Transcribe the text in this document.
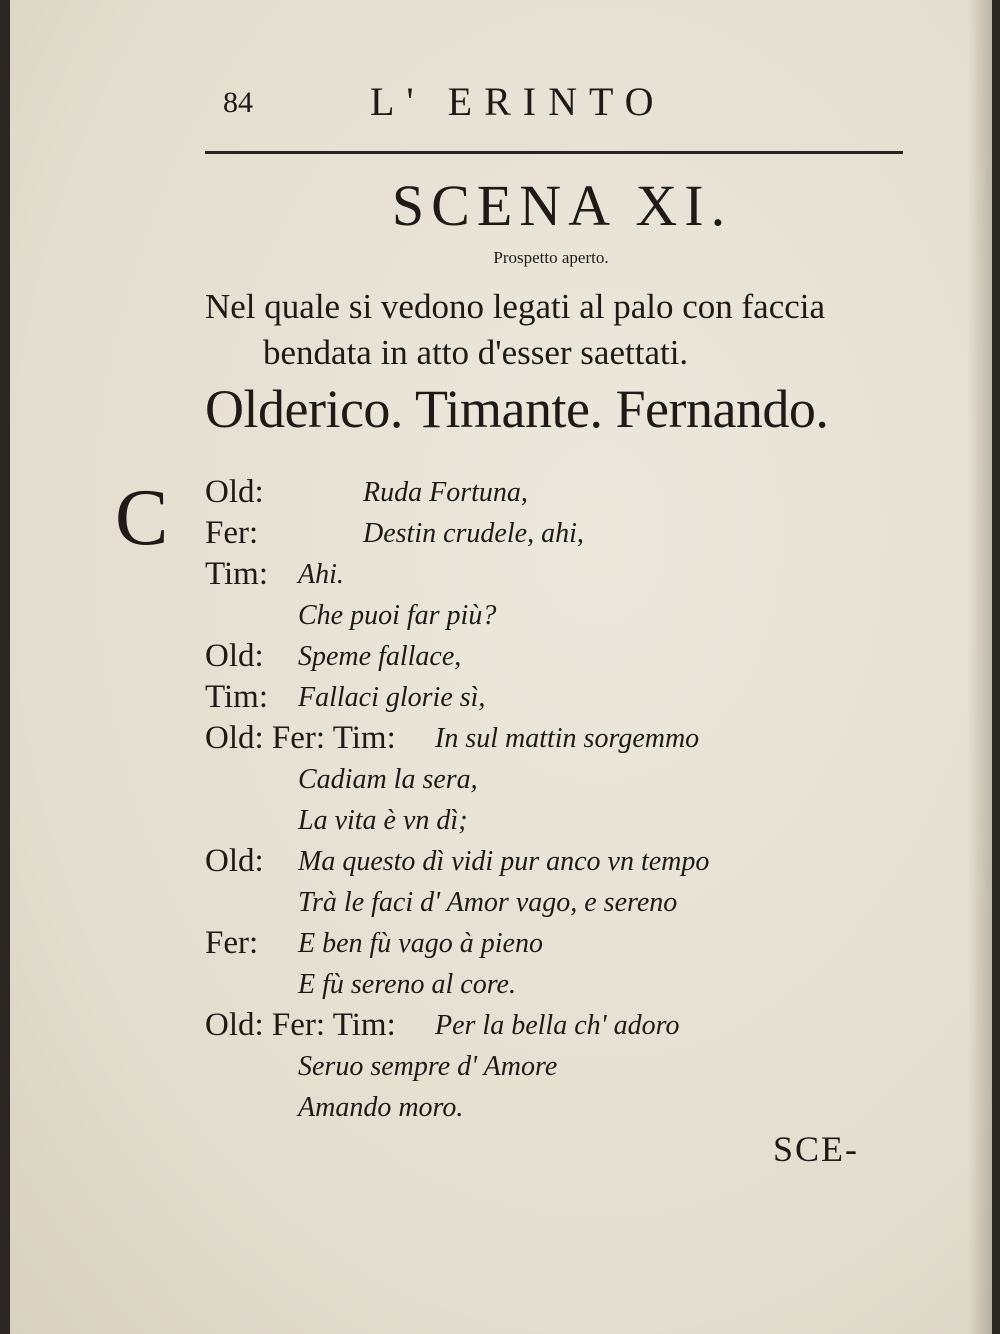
84	L' ERINTO
SCENA XI.
Prospetto aperto.
Nel quale si vedono legati al palo con faccia
bendata in atto d'esser saettati.
Olderico. Timante. Fernando.
C Old:	Ruda Fortuna,
Fer:	Destin crudele, ahi,
Tim: Ahi.
Che puoi far più?
Old: Speme fallace,
Tim: Fallaci glorie sì,
Old: Fer: Tim: In sul mattin sorgemmo
Cadiam la sera,
La vita è vn dì;
Old: Ma questo dì vidi pur anco vn tempo
Trà le faci d' Amor vago, e sereno
Fer: E ben fù vago à pieno
E fù sereno al core.
Old: Fer: Tim: Per la bella ch' adoro
Seruo sempre d' Amore
Amando moro.
SCE-
